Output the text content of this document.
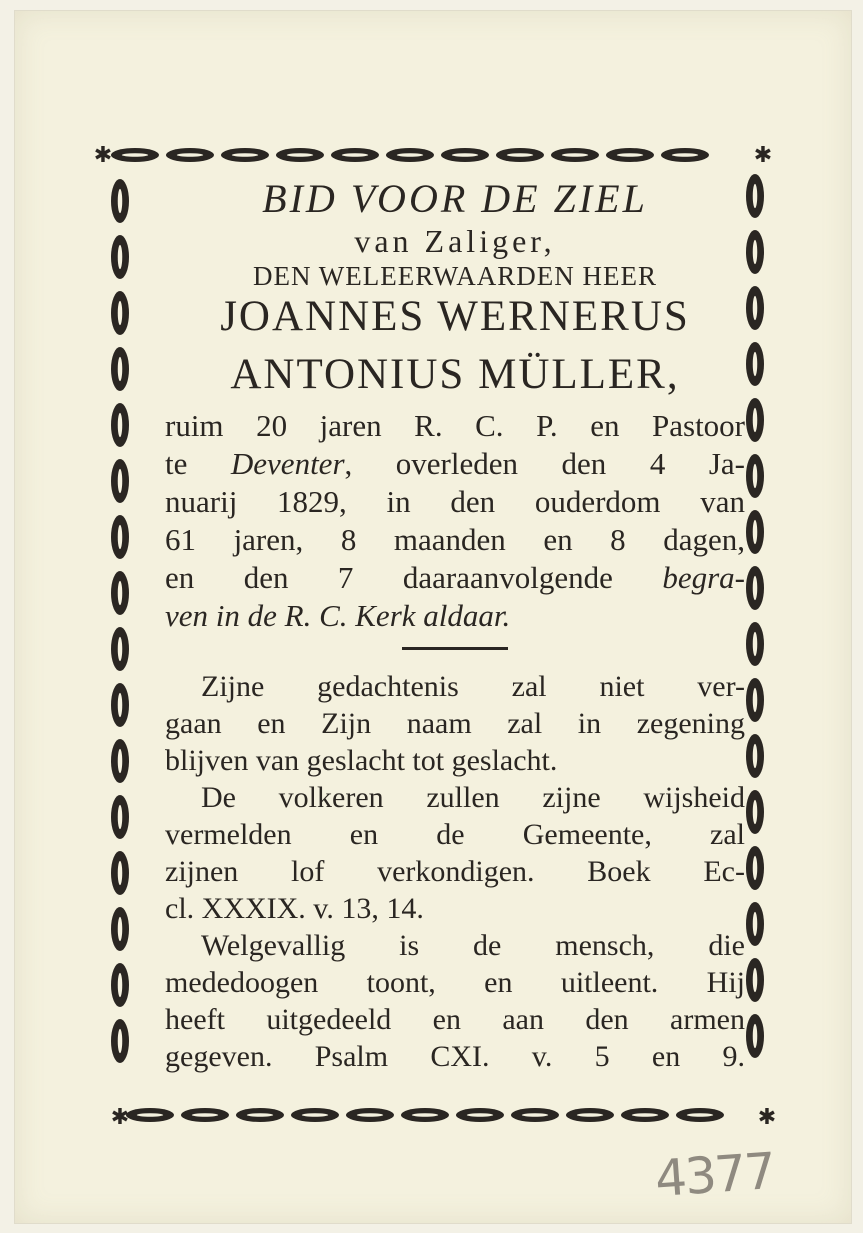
✱	✱
✱	✱
BID VOOR DE ZIEL
van Zaliger,
DEN WELEERWAARDEN HEER
JOANNES WERNERUS
ANTONIUS MÜLLER,
ruim 20 jaren R. C. P. en Pastoor
te Deventer, overleden den 4 Ja-
nuarij 1829, in den ouderdom van
61 jaren, 8 maanden en 8 dagen,
en den 7 daaraanvolgende begra-
ven in de R. C. Kerk aldaar.

Zijne gedachtenis zal niet ver-

gaan en Zijn naam zal in zegening

blijven van geslacht tot geslacht.

De volkeren zullen zijne wijsheid

vermelden en de Gemeente, zal

zijnen lof verkondigen. Boek Ec-

cl. XXXIX. v. 13, 14.

Welgevallig is de mensch, die

mededoogen toont, en uitleent. Hij

heeft uitgedeeld en aan den armen

gegeven. Psalm CXI. v. 5 en 9.

4377
